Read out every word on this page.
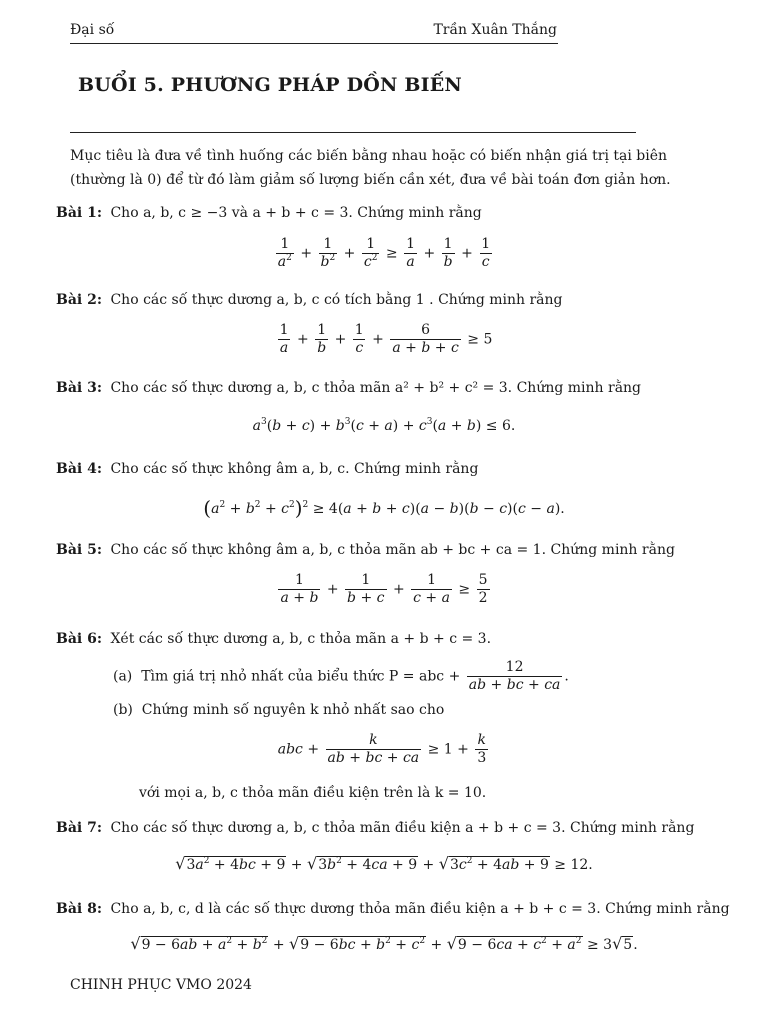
Đại số	Trần Xuân Thắng
BUỔI 5. PHƯƠNG PHÁP DỒN BIẾN
Mục tiêu là đưa về tình huống các biến bằng nhau hoặc có biến nhận giá trị tại biên (thường là 0) để từ đó làm giảm số lượng biến cần xét, đưa về bài toán đơn giản hơn.
Bài 1: Cho a, b, c ≥ −3 và a + b + c = 3. Chứng minh rằng
$\frac{1}{a^2} + \frac{1}{b^2} + \frac{1}{c^2} \ge \frac{1}{a} + \frac{1}{b} + \frac{1}{c}$
Bài 2: Cho các số thực dương a, b, c có tích bằng 1 . Chứng minh rằng
$\frac{1}{a} + \frac{1}{b} + \frac{1}{c} + \frac{6}{a + b + c} \ge 5$
Bài 3: Cho các số thực dương a, b, c thỏa mãn a² + b² + c² = 3. Chứng minh rằng
$a^3(b + c) + b^3(c + a) + c^3(a + b) \le 6$.
Bài 4: Cho các số thực không âm a, b, c. Chứng minh rằng
$(a^2 + b^2 + c^2)^2 \ge 4(a + b + c)(a - b)(b - c)(c - a)$.
Bài 5: Cho các số thực không âm a, b, c thỏa mãn ab + bc + ca = 1. Chứng minh rằng
$\frac{1}{a + b} + \frac{1}{b + c} + \frac{1}{c + a} \ge \frac{5}{2}$
Bài 6: Xét các số thực dương a, b, c thỏa mãn a + b + c = 3.
(a) Tìm giá trị nhỏ nhất của biểu thức P = abc + $\frac{12}{ab + bc + ca}$ .
(b) Chứng minh số nguyên k nhỏ nhất sao cho
abc + $\frac{k}{ab + bc + ca} \ge 1 + \frac{k}{3}$
với mọi a, b, c thỏa mãn điều kiện trên là k = 10.
Bài 7: Cho các số thực dương a, b, c thỏa mãn điều kiện a + b + c = 3. Chứng minh rằng
$√3a^2 + 4bc + 9 + √3b^2 + 4ca + 9 + √3c^2 + 4ab + 9 \ge 12$.
Bài 8: Cho a, b, c, d là các số thực dương thỏa mãn điều kiện a + b + c = 3. Chứng minh rằng
$√9 - 6ab + a^2 + b^2 + √9 - 6bc + b^2 + c^2 + √9 - 6ca + c^2 + a^2 \ge 3√5$.
CHINH PHỤC VMO 2024
